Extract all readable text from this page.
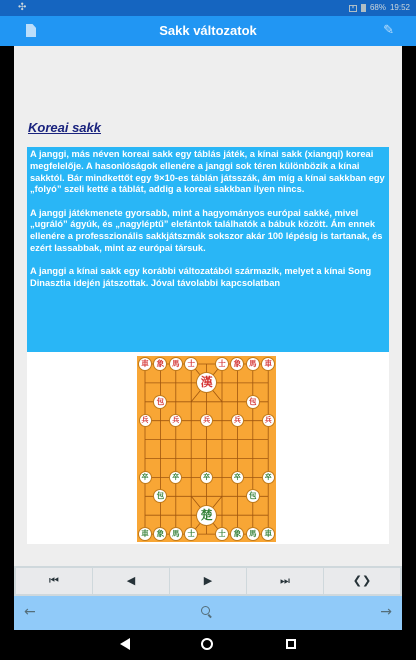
✣	×	68% 19:52
Sakk változatok	✎
Koreai sakk

A janggi, más néven koreai sakk egy táblás játék, a kínai sakk (xiangqi) koreai megfelelője. A hasonlóságok ellenére a janggi sok téren különbözik a kínai sakktól. Bár mindkettőt egy 9×10-es táblán játsszák, ám míg a kínai sakkban egy „folyó” szeli ketté a táblát, addig a koreai sakkban ilyen nincs.

A janggi játékmenete gyorsabb, mint a hagyományos európai sakké, mivel „ugráló” ágyúk, és „nagyléptű” elefántok találhatók a bábuk között. Ám ennek ellenére a professzionális sakkjátszmák sokszor akár 100 lépésig is tartanak, és ezért lassabbak, mint az európai társuk.

A janggi a kínai sakk egy korábbi változatából származik, melyet a kínai Song Dinasztia idején játszottak. Jóval távolabbi kapcsolatban

車	象	馬	士	士	象	馬	車
漢
包	包
兵	兵	兵	兵	兵
卒	卒	卒	卒	卒
包	包
楚
車	象	馬	士	士	象	馬	車
⏮	◀	▶	⏭	❮❯
←	→
